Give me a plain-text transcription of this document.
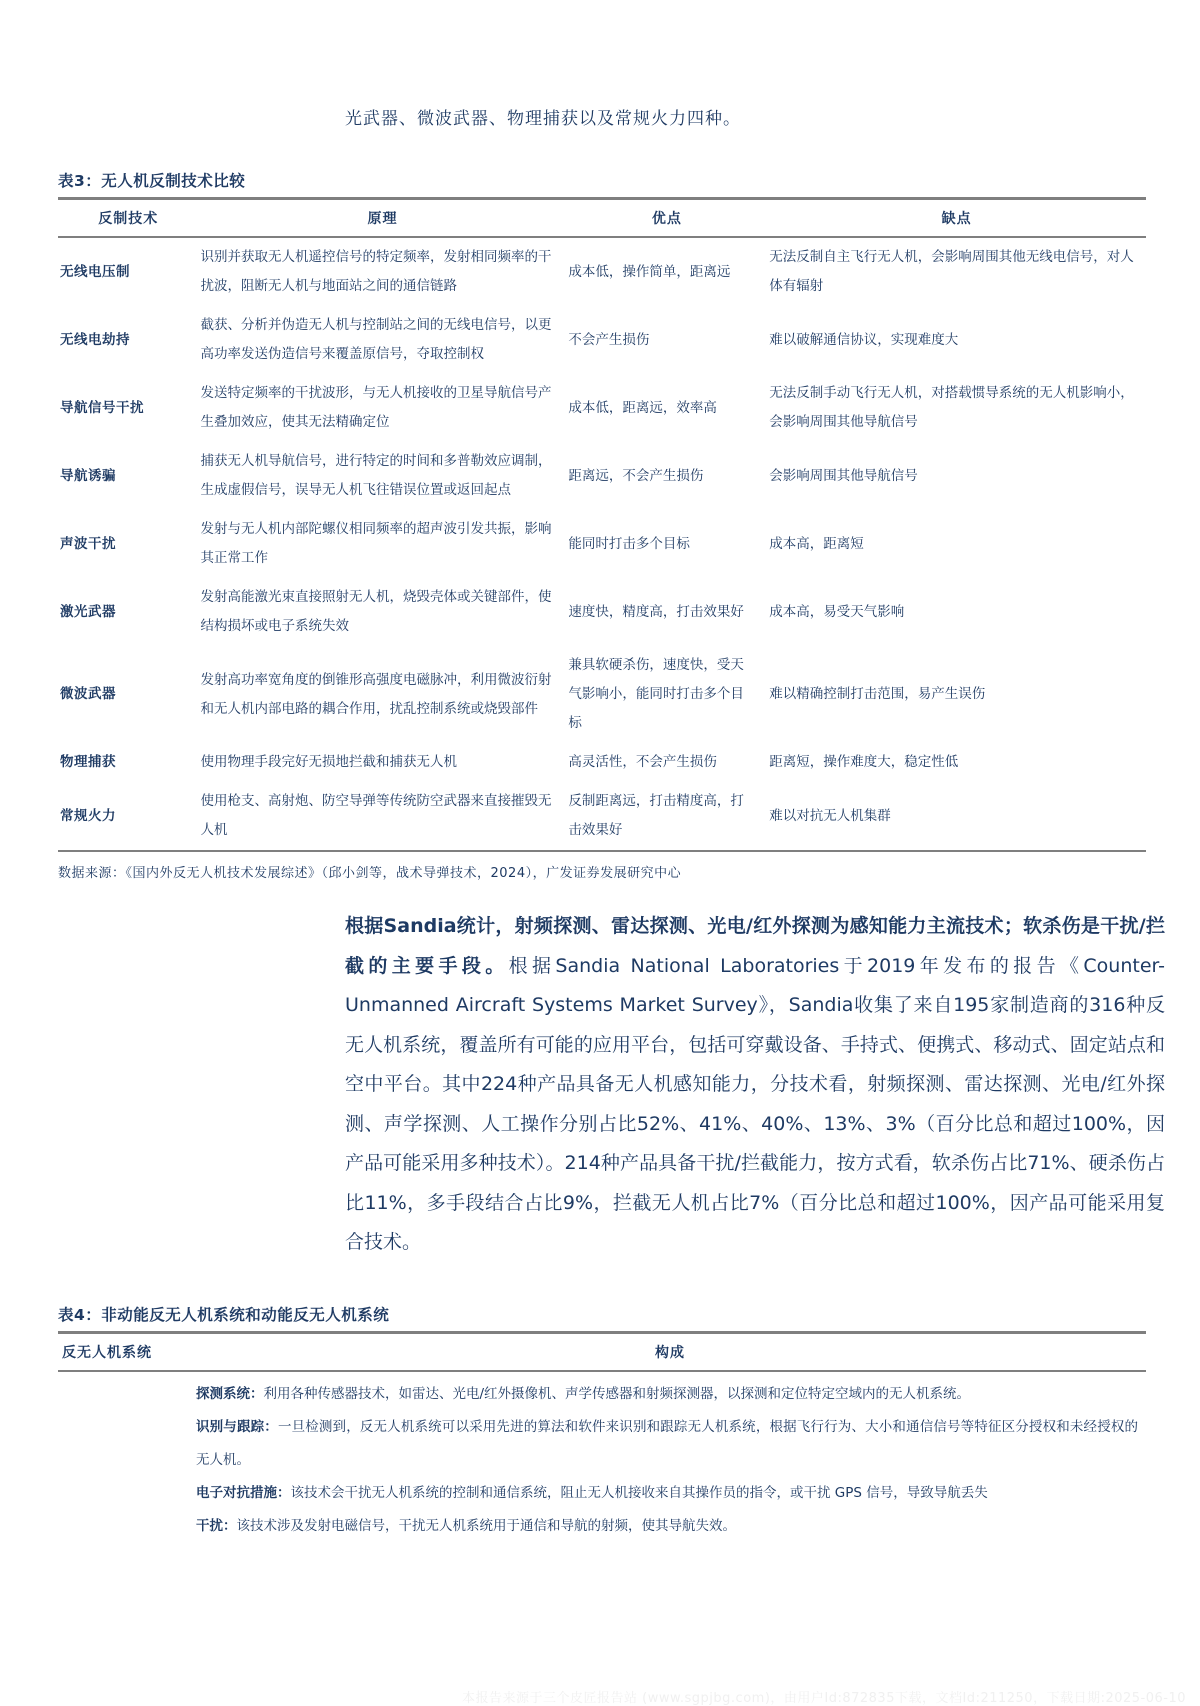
光武器、微波武器、物理捕获以及常规火力四种。

表3：无人机反制技术比较
反制技术	原理	优点	缺点
无线电压制	识别并获取无人机遥控信号的特定频率，发射相同频率的干扰波，阻断无人机与地面站之间的通信链路	成本低，操作简单，距离远	无法反制自主飞行无人机，会影响周围其他无线电信号，对人体有辐射
无线电劫持	截获、分析并伪造无人机与控制站之间的无线电信号，以更高功率发送伪造信号来覆盖原信号，夺取控制权	不会产生损伤	难以破解通信协议，实现难度大
导航信号干扰	发送特定频率的干扰波形，与无人机接收的卫星导航信号产生叠加效应，使其无法精确定位	成本低，距离远，效率高	无法反制手动飞行无人机，对搭载惯导系统的无人机影响小，会影响周围其他导航信号
导航诱骗	捕获无人机导航信号，进行特定的时间和多普勒效应调制，生成虚假信号，误导无人机飞往错误位置或返回起点	距离远，不会产生损伤	会影响周围其他导航信号
声波干扰	发射与无人机内部陀螺仪相同频率的超声波引发共振，影响其正常工作	能同时打击多个目标	成本高，距离短
激光武器	发射高能激光束直接照射无人机，烧毁壳体或关键部件，使结构损坏或电子系统失效	速度快，精度高，打击效果好	成本高，易受天气影响
微波武器	发射高功率宽角度的倒锥形高强度电磁脉冲，利用微波衍射和无人机内部电路的耦合作用，扰乱控制系统或烧毁部件	兼具软硬杀伤，速度快，受天气影响小，能同时打击多个目标	难以精确控制打击范围，易产生误伤
物理捕获	使用物理手段完好无损地拦截和捕获无人机	高灵活性，不会产生损伤	距离短，操作难度大，稳定性低
常规火力	使用枪支、高射炮、防空导弹等传统防空武器来直接摧毁无人机	反制距离远，打击精度高，打击效果好	难以对抗无人机集群
数据来源：《国内外反无人机技术发展综述》（邱小剑等，战术导弹技术，2024），广发证券发展研究中心

根据Sandia统计，射频探测、雷达探测、光电/红外探测为感知能力主流技术；软杀伤是干扰/拦截的主要手段。根据Sandia National Laboratories于2019年发布的报告《Counter-Unmanned Aircraft Systems Market Survey》，Sandia收集了来自195家制造商的316种反无人机系统，覆盖所有可能的应用平台，包括可穿戴设备、手持式、便携式、移动式、固定站点和空中平台。其中224种产品具备无人机感知能力，分技术看，射频探测、雷达探测、光电/红外探测、声学探测、人工操作分别占比52%、41%、40%、13%、3%（百分比总和超过100%，因产品可能采用多种技术）。214种产品具备干扰/拦截能力，按方式看，软杀伤占比71%、硬杀伤占比11%，多手段结合占比9%，拦截无人机占比7%（百分比总和超过100%，因产品可能采用复合技术。

表4：非动能反无人机系统和动能反无人机系统
反无人机系统	构成

	探测系统：利用各种传感器技术，如雷达、光电/红外摄像机、声学传感器和射频探测器，以探测和定位特定空域内的无人机系统。
识别与跟踪：一旦检测到，反无人机系统可以采用先进的算法和软件来识别和跟踪无人机系统，根据飞行行为、大小和通信信号等特征区分授权和未经授权的无人机。
电子对抗措施：该技术会干扰无人机系统的控制和通信系统，阻止无人机接收来自其操作员的指令，或干扰 GPS 信号，导致导航丢失
干扰：该技术涉及发射电磁信号，干扰无人机系统用于通信和导航的射频，使其导航失效。
本报告来源于三个皮匠报告站 (www.sgpjbg.com)，由用户Id:872835下载，文档Id:211250，下载日期:2025-06-10
